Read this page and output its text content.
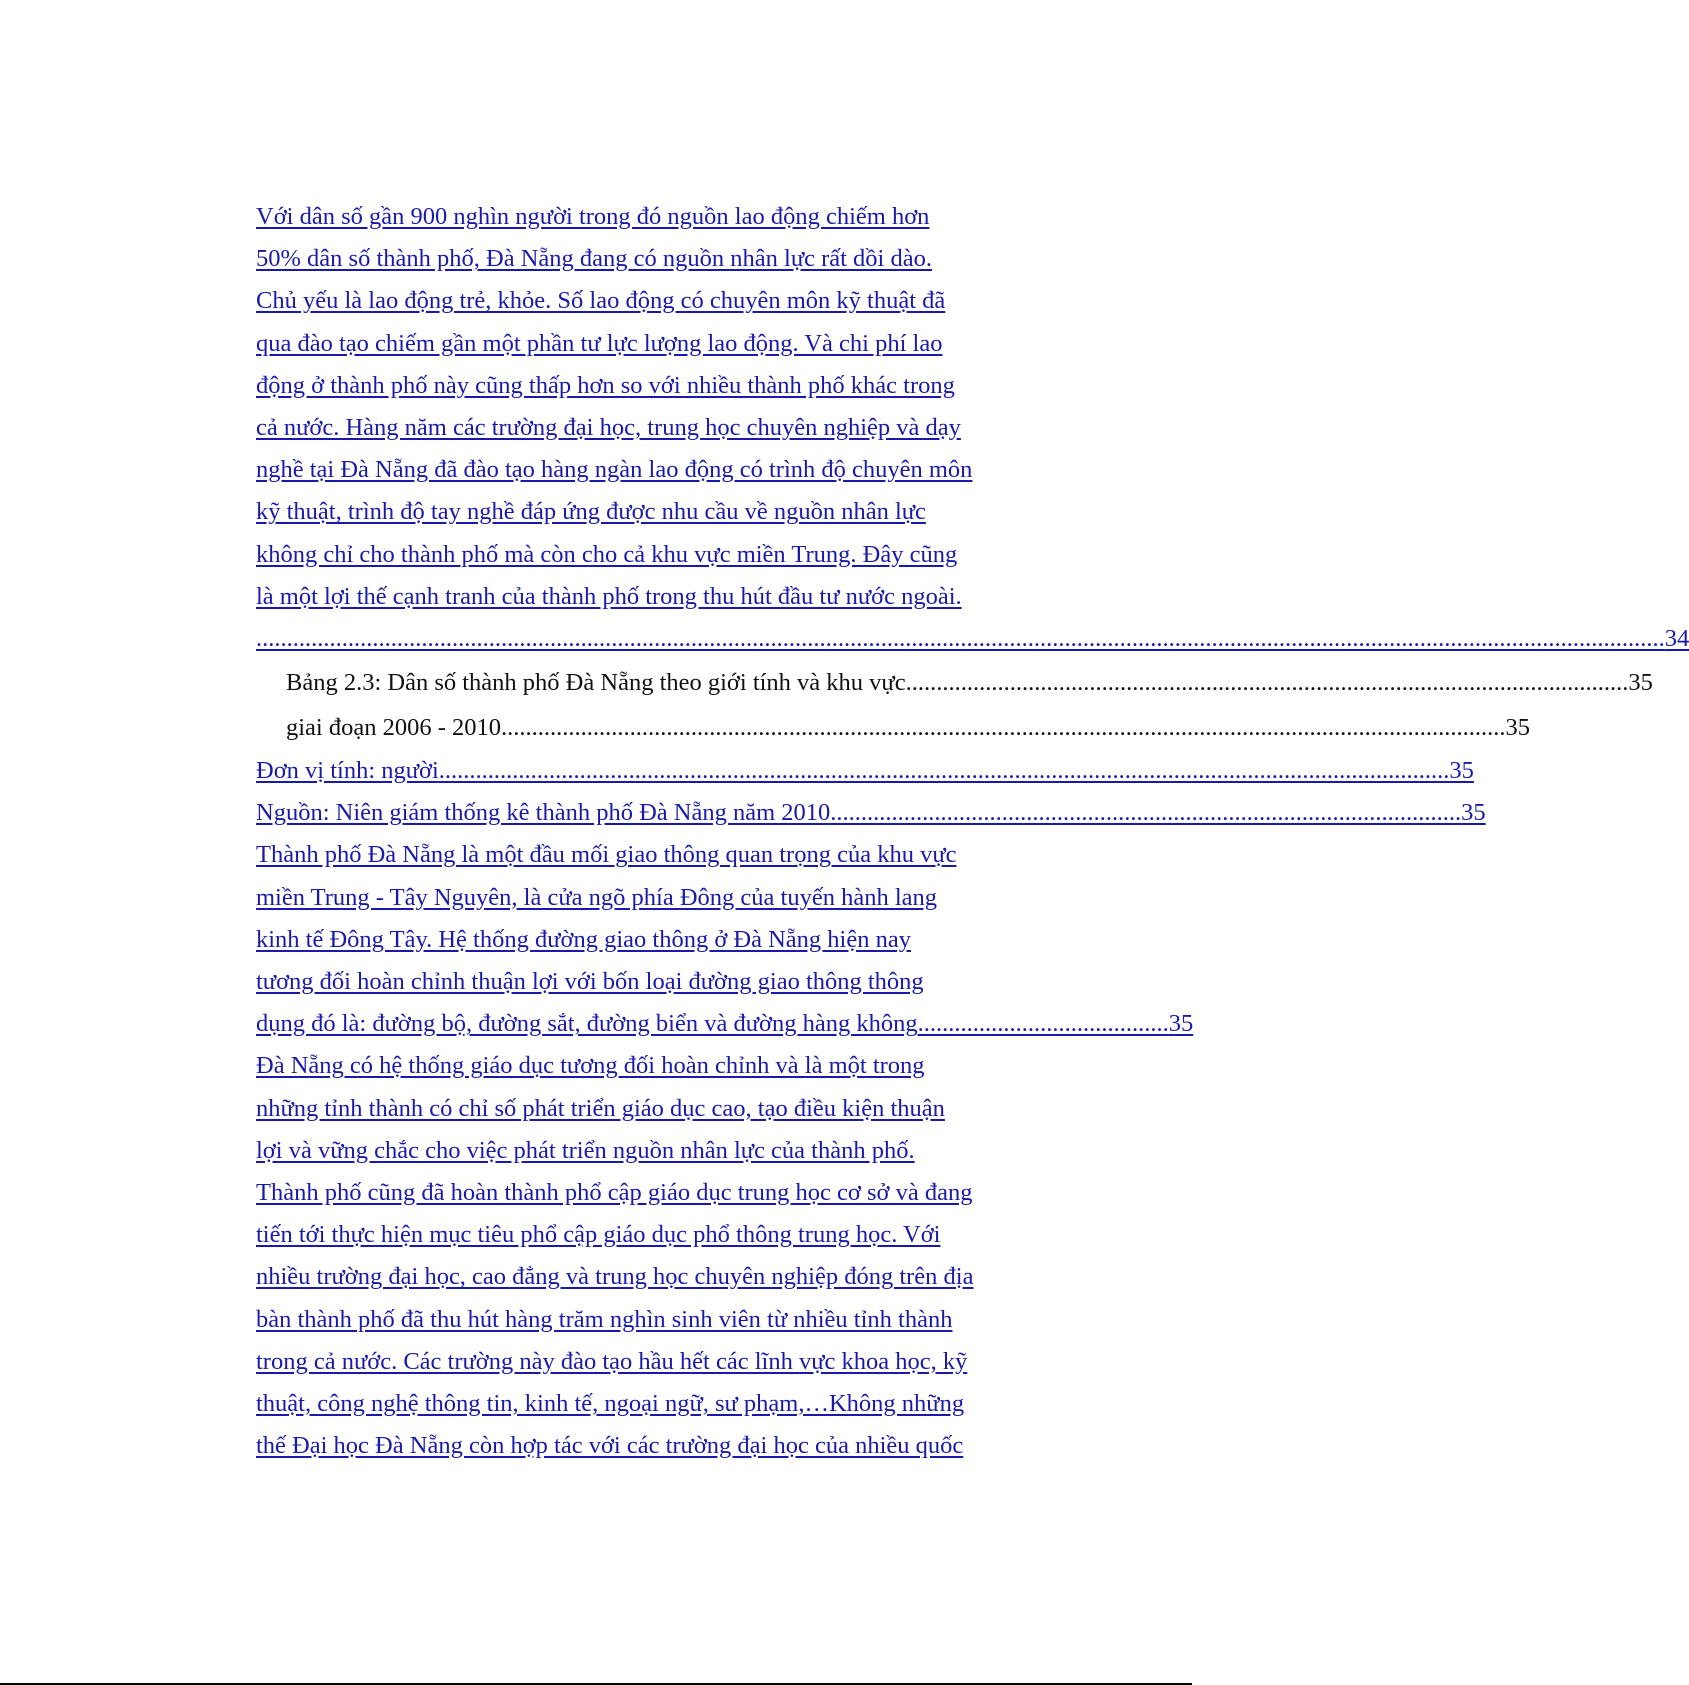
Với dân số gần 900 nghìn người trong đó nguồn lao động chiếm hơn
50% dân số thành phố, Đà Nẵng đang có nguồn nhân lực rất dồi dào.
Chủ yếu là lao động trẻ, khỏe. Số lao động có chuyên môn kỹ thuật đã
qua đào tạo chiếm gần một phần tư lực lượng lao động. Và chi phí lao
động ở thành phố này cũng thấp hơn so với nhiều thành phố khác trong
cả nước. Hàng năm các trường đại học, trung học chuyên nghiệp và dạy
nghề tại Đà Nẵng đã đào tạo hàng ngàn lao động có trình độ chuyên môn
kỹ thuật, trình độ tay nghề đáp ứng được nhu cầu về nguồn nhân lực
không chỉ cho thành phố mà còn cho cả khu vực miền Trung. Đây cũng
là một lợi thế cạnh tranh của thành phố trong thu hút đầu tư nước ngoài.
...................................................................................................................................................................................................................................... 34
Bảng 2.3: Dân số thành phố Đà Nẵng theo giới tính và khu vực...................................................................................................................... 35
giai đoạn 2006 - 2010.................................................................................................................................................................... 35
Đơn vị tính: người..................................................................................................................................................................... 35
Nguồn: Niên giám thống kê thành phố Đà Nẵng năm 2010....................................................................................................... 35
Thành phố Đà Nẵng là một đầu mối giao thông quan trọng của khu vực
miền Trung - Tây Nguyên, là cửa ngõ phía Đông của tuyến hành lang
kinh tế Đông Tây. Hệ thống đường giao thông ở Đà Nẵng hiện nay
tương đối hoàn chỉnh thuận lợi với bốn loại đường giao thông thông
dụng đó là: đường bộ, đường sắt, đường biển và đường hàng không......................................... 35
Đà Nẵng có hệ thống giáo dục tương đối hoàn chỉnh và là một trong
những tỉnh thành có chỉ số phát triển giáo dục cao, tạo điều kiện thuận
lợi và vững chắc cho việc phát triển nguồn nhân lực của thành phố.
Thành phố cũng đã hoàn thành phổ cập giáo dục trung học cơ sở và đang
tiến tới thực hiện mục tiêu phổ cập giáo dục phổ thông trung học. Với
nhiều trường đại học, cao đẳng và trung học chuyên nghiệp đóng trên địa
bàn thành phố đã thu hút hàng trăm nghìn sinh viên từ nhiều tỉnh thành
trong cả nước. Các trường này đào tạo hầu hết các lĩnh vực khoa học, kỹ
thuật, công nghệ thông tin, kinh tế, ngoại ngữ, sư phạm,…Không những
thế Đại học Đà Nẵng còn hợp tác với các trường đại học của nhiều quốc
